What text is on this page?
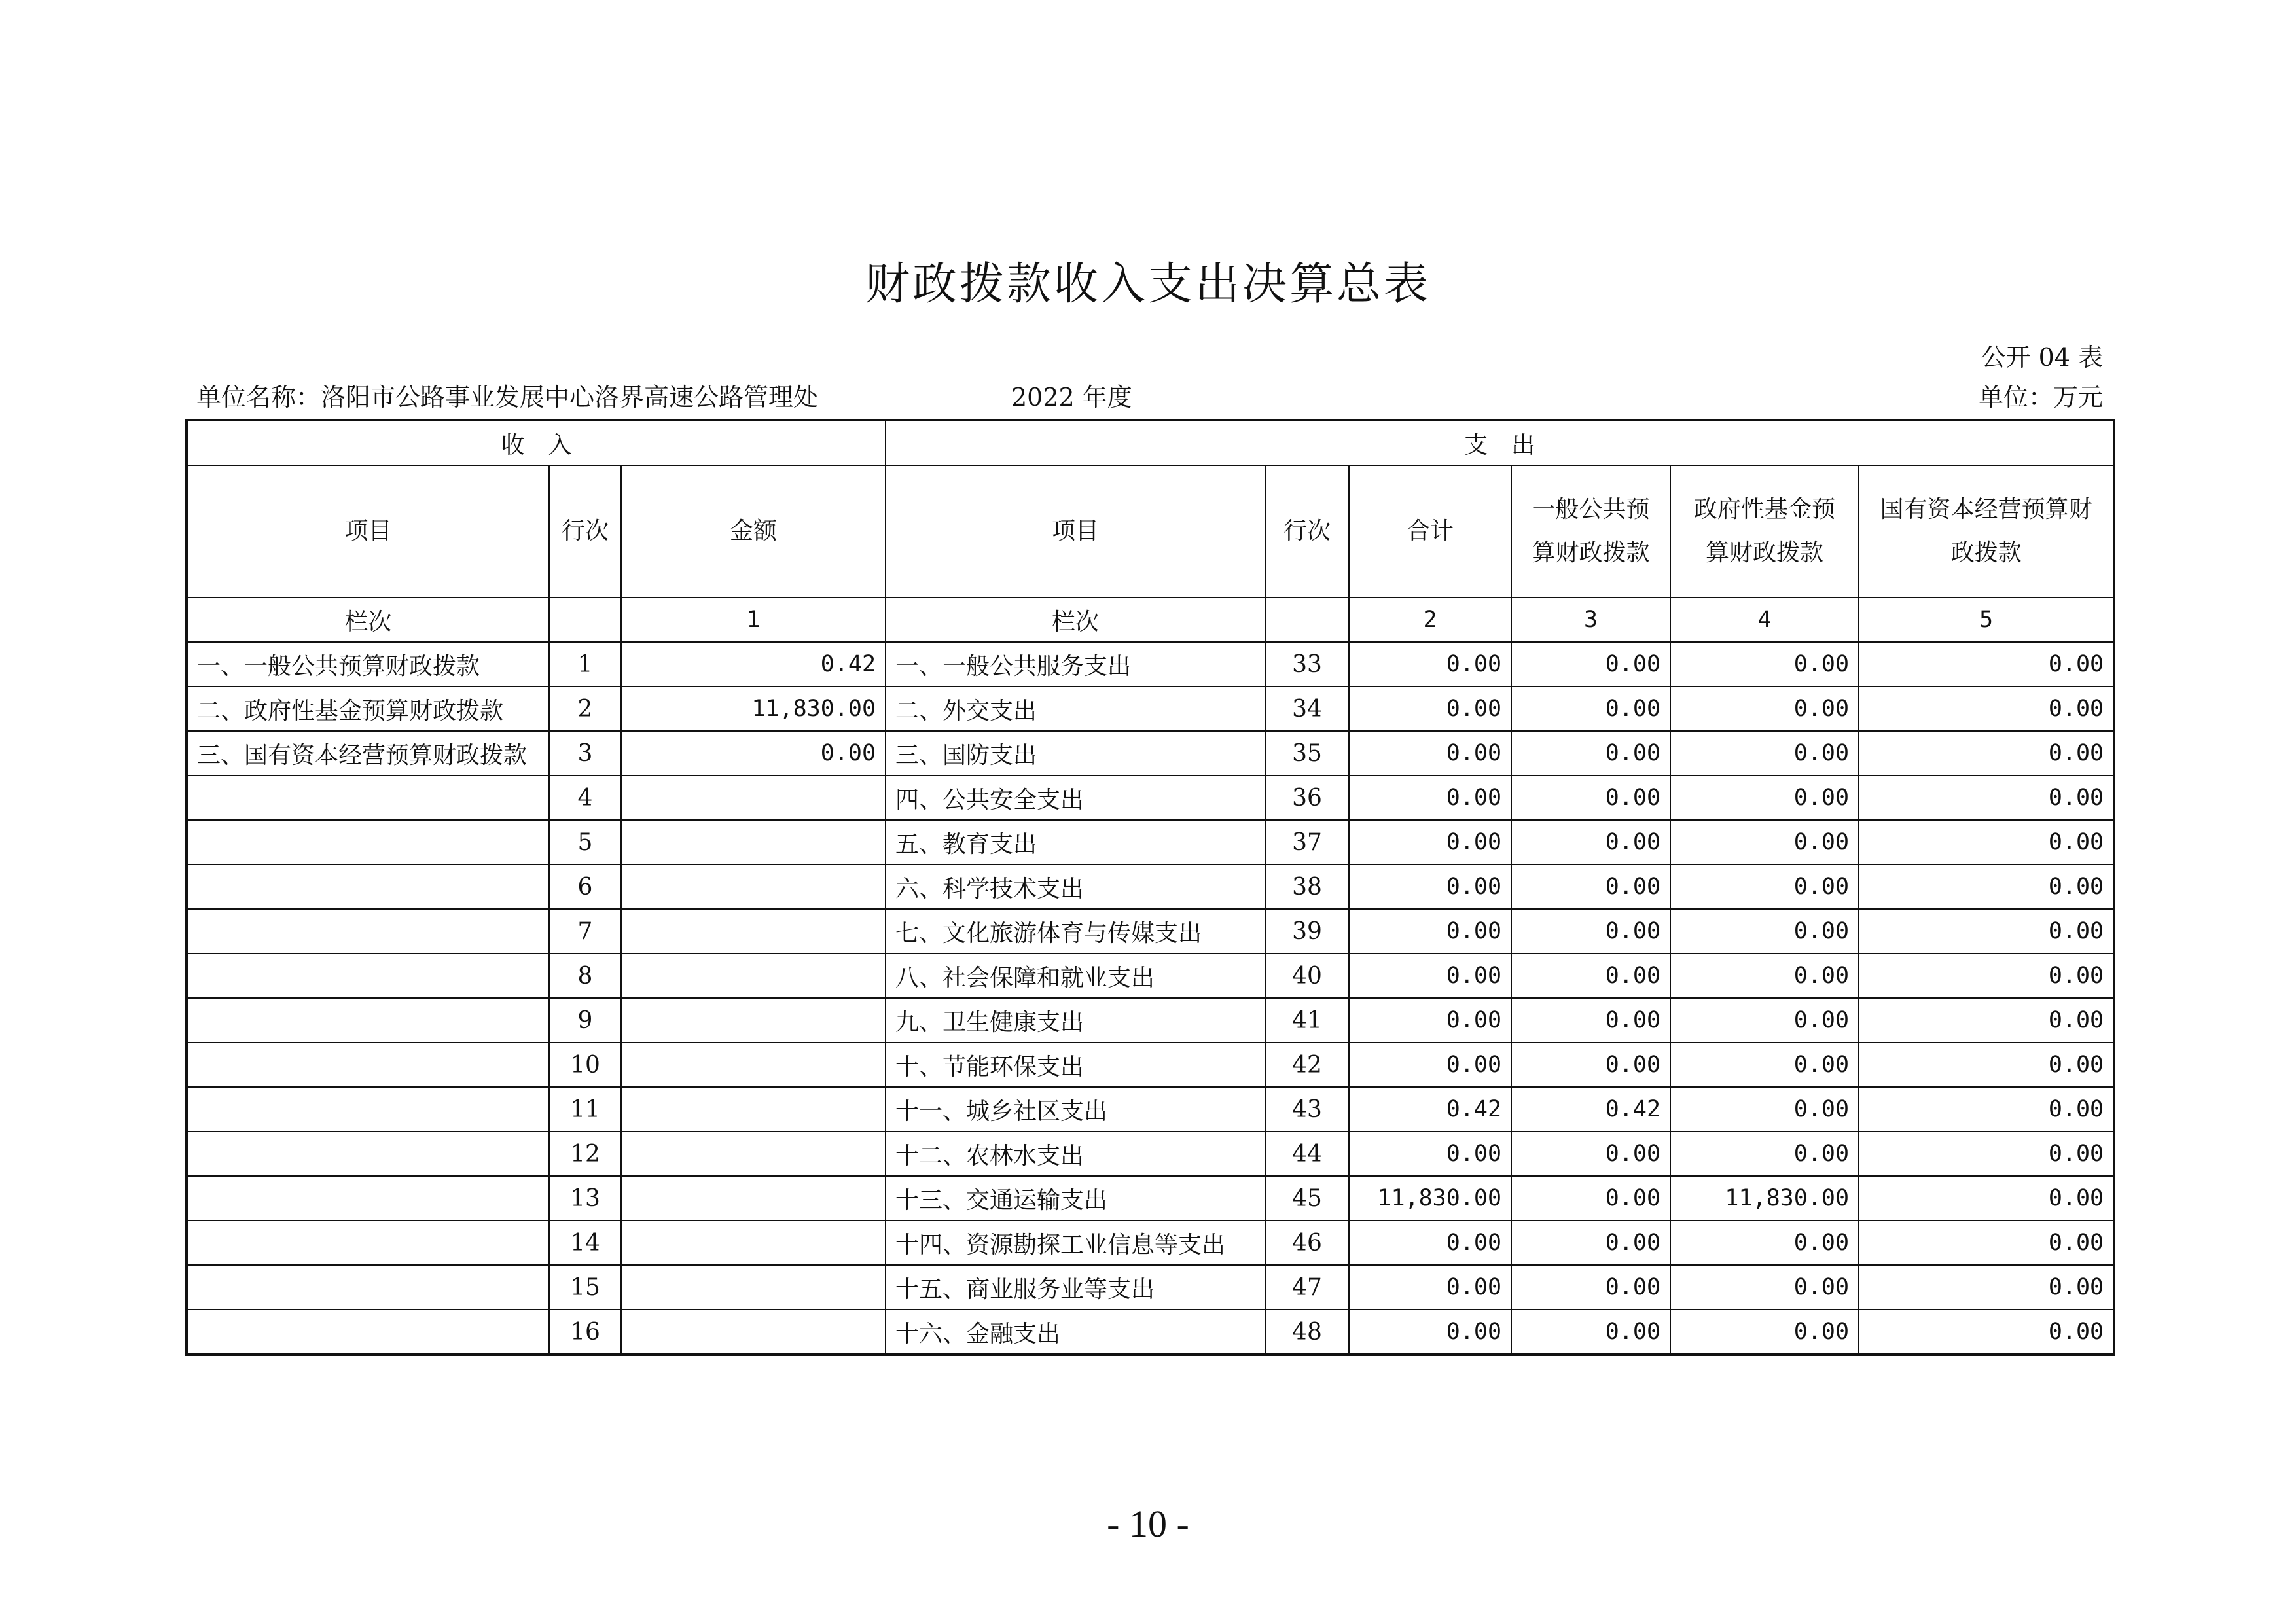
财政拨款收入支出决算总表
公开 04 表
单位名称：洛阳市公路事业发展中心洛界高速公路管理处	2022 年度	单位：万元
收　入			支　出					
项目	行次	金额	项目	行次	合计	一般公共预算财政拨款	政府性基金预算财政拨款	国有资本经营预算财政拨款
栏次		1	栏次		2	3	4	5
一、一般公共预算财政拨款	1	0.42	一、一般公共服务支出	33	0.00	0.00	0.00	0.00
二、政府性基金预算财政拨款	2	11,830.00	二、外交支出	34	0.00	0.00	0.00	0.00
三、国有资本经营预算财政拨款	3	0.00	三、国防支出	35	0.00	0.00	0.00	0.00
	4		四、公共安全支出	36	0.00	0.00	0.00	0.00
	5		五、教育支出	37	0.00	0.00	0.00	0.00
	6		六、科学技术支出	38	0.00	0.00	0.00	0.00
	7		七、文化旅游体育与传媒支出	39	0.00	0.00	0.00	0.00
	8		八、社会保障和就业支出	40	0.00	0.00	0.00	0.00
	9		九、卫生健康支出	41	0.00	0.00	0.00	0.00
	10		十、节能环保支出	42	0.00	0.00	0.00	0.00
	11		十一、城乡社区支出	43	0.42	0.42	0.00	0.00
	12		十二、农林水支出	44	0.00	0.00	0.00	0.00
	13		十三、交通运输支出	45	11,830.00	0.00	11,830.00	0.00
	14		十四、资源勘探工业信息等支出	46	0.00	0.00	0.00	0.00
	15		十五、商业服务业等支出	47	0.00	0.00	0.00	0.00
	16		十六、金融支出	48	0.00	0.00	0.00	0.00
- 10 -
